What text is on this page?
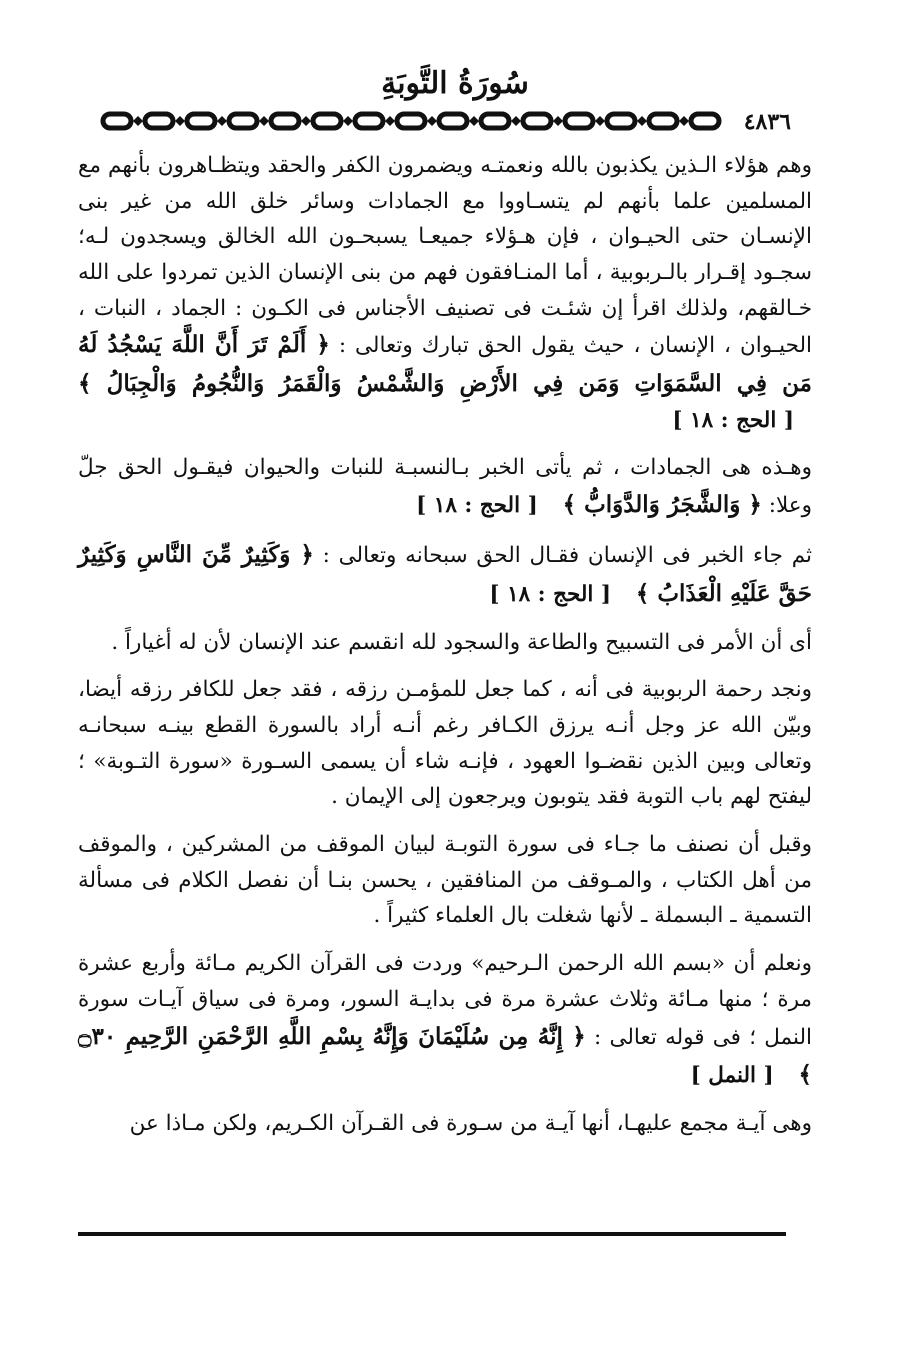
سُورَةُ التَّوبَةِ
٤٨٣٦

وهم هؤلاء الـذين يكذبون بالله ونعمتـه ويضمرون الكفر والحقد ويتظـاهرون بأنهم مع المسلمين علما بأنهم لم يتسـاووا مع الجمادات وسائر خلق الله من غير بنى الإنسـان حتى الحيـوان ، فإن هـؤلاء جميعـا يسبحـون الله الخالق ويسجدون لـه؛ سجـود إقـرار بالـربوبية ، أما المنـافقون فهم من بنى الإنسان الذين تمردوا على الله خـالقهم، ولذلك اقرأ إن شئـت فى تصنيف الأجناس فى الكـون : الجماد ، النبات ، الحيـوان ، الإنسان ، حيث يقول الحق تبارك وتعالى : ﴿ أَلَمْ تَرَ أَنَّ اللَّهَ يَسْجُدُ لَهُ مَن فِي السَّمَوَاتِ وَمَن فِي الأَرْضِ وَالشَّمْسُ وَالْقَمَرُ وَالنُّجُومُ وَالْجِبَالُ ﴾ [ الحج : ١٨ ]

وهـذه هى الجمادات ، ثم يأتى الخبر بـالنسبـة للنبات والحيوان فيقـول الحق جلّ وعلا: ﴿ وَالشَّجَرُ وَالدَّوَابُّ ﴾ [ الحج : ١٨ ]

ثم جاء الخبر فى الإنسان فقـال الحق سبحانه وتعالى : ﴿ وَكَثِيرٌ مِّنَ النَّاسِ وَكَثِيرٌ حَقَّ عَلَيْهِ الْعَذَابُ ﴾ [ الحج : ١٨ ]

أى أن الأمر فى التسبيح والطاعة والسجود لله انقسم عند الإنسان لأن له أغياراً .

ونجد رحمة الربوبية فى أنه ، كما جعل للمؤمـن رزقه ، فقد جعل للكافر رزقه أيضا، وبيّن الله عز وجل أنـه يرزق الكـافر رغم أنـه أراد بالسورة القطع بينـه سبحانـه وتعالى وبين الذين نقضـوا العهود ، فإنـه شاء أن يسمى السـورة «سورة التـوبة» ؛ ليفتح لهم باب التوبة فقد يتوبون ويرجعون إلى الإيمان .

وقبل أن نصنف ما جـاء فى سورة التوبـة لبيان الموقف من المشركين ، والموقف من أهل الكتاب ، والمـوقف من المنافقين ، يحسن بنـا أن نفصل الكلام فى مسألة التسمية ـ البسملة ـ لأنها شغلت بال العلماء كثيراً .

ونعلم أن «بسم الله الرحمن الـرحيم» وردت فى القرآن الكريم مـائة وأربع عشرة مرة ؛ منها مـائة وثلاث عشرة مرة فى بدايـة السور، ومرة فى سياق آيـات سورة النمل ؛ فى قوله تعالى : ﴿ إِنَّهُ مِن سُلَيْمَانَ وَإِنَّهُ بِسْمِ اللَّهِ الرَّحْمَنِ الرَّحِيمِ ۝٣٠ ﴾ [ النمل ]

وهى آيـة مجمع عليهـا، أنها آيـة من سـورة فى القـرآن الكـريم، ولكن مـاذا عن
